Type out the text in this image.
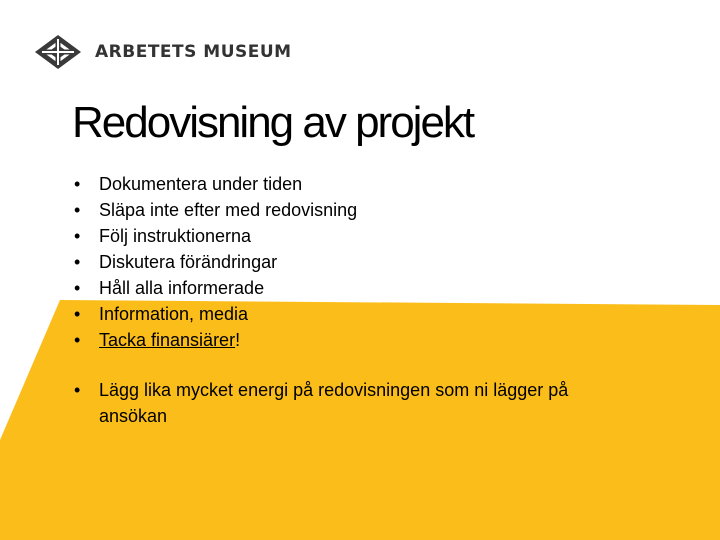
ARBETETS MUSEUM
Redovisning av projekt
• Dokumentera under tiden
• Släpa inte efter med redovisning
• Följ instruktionerna
• Diskutera förändringar
• Håll alla informerade
• Information, media
• Tacka finansiärer!
• Lägg lika mycket energi på redovisningen som ni lägger på ansökan
